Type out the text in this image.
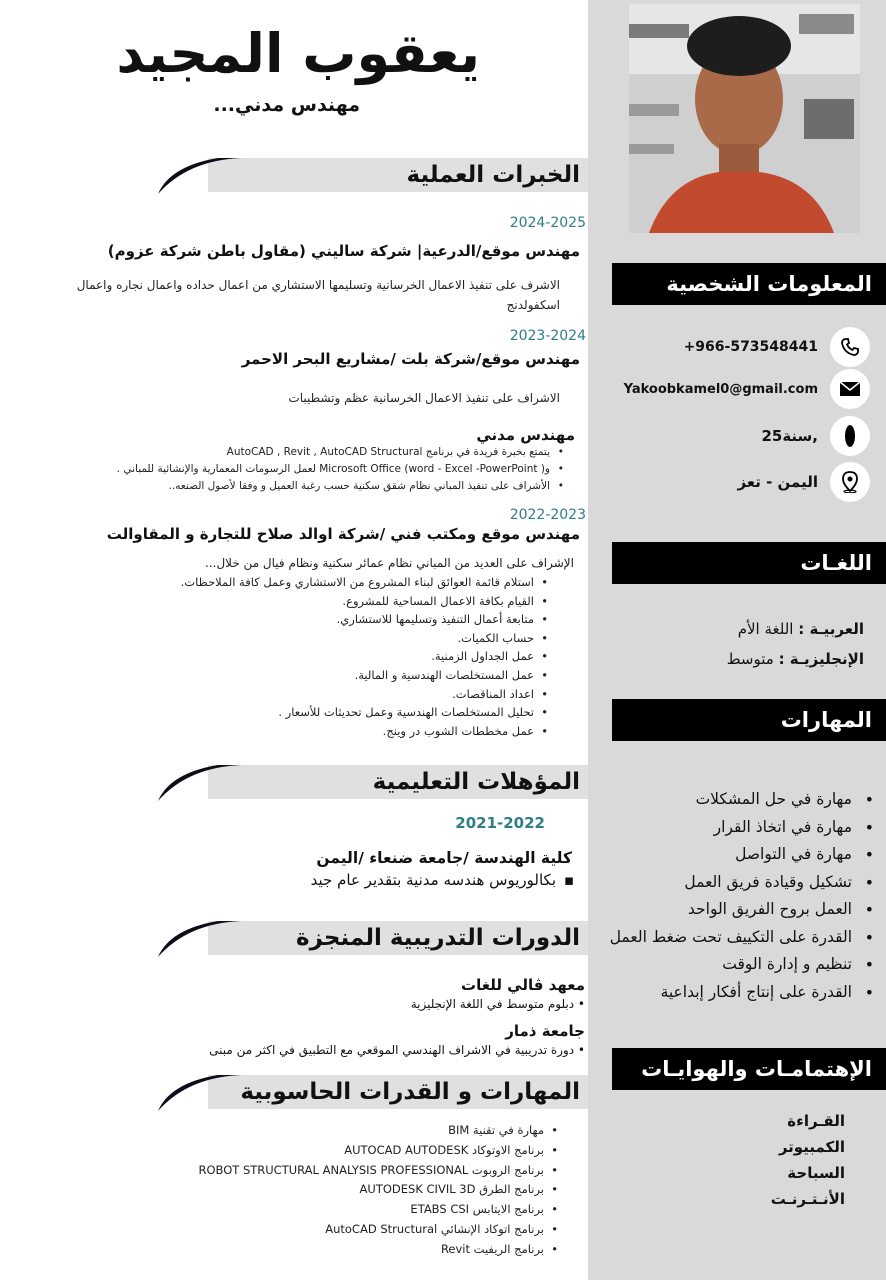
المعلومات الشخصية
+966-573548441
Yakoobkamel0@gmail.com
25سنة,
اليمن - تعز
اللغـات
العربيـة : اللغة الأم
الإنجليزيـة : متوسط
المهارات
• مهارة في حل المشكلات
• مهارة في اتخاذ القرار
• مهارة في التواصل
• تشكيل وقيادة فريق العمل
• العمل بروح الفريق الواحد
• القدرة على التكييف تحت ضغط العمل
• تنظيم و إدارة الوقت
• القدرة على إنتاج أفكار إبداعية
الإهتمامـات والهوايـات
القـراءة
الكمبيوتر
السباحة
الأنـتـرنـت
يعقوب المجيد
مهندس مدني...
الخبرات العملية
2024-2025
مهندس موقع/الدرعية| شركة ساليني (مقاول باطن شركة عزوم)
الاشرف على تنفيذ الاعمال الخرسانية وتسليمها الاستشاري من اعمال حداده واعمال نجاره واعمال اسكفولدنج
2023-2024
مهندس موقع/شركة بلت /مشاريع البحر الاحمر
الاشراف على تنفيذ الاعمال الخرسانية عظم وتشطيبات
مهندس مدني
• يتمتع بخبرة فريدة في برنامج AutoCAD , Revit , AutoCAD Structural
• و( Microsoft Office (word - Excel -PowerPoint لعمل الرسومات المعمارية والإنشائية للمباني .
• الأشراف على تنفيذ المباني نظام شقق سكنية حسب رغبة العميل و وفقا لأصول الصنعه..
2022-2023
مهندس موقع ومكتب فني /شركة اوالد صلاح للتجارة و المقاوالت
الإشراف على العديد من المباني نظام عمائر سكنية ونظام فيال من خلال...
• استلام قائمة العوائق لبناء المشروع من الاستشاري وعمل كافة الملاحظات.
• القيام بكافة الاعمال المساحية للمشروع.
• متابعة أعمال التنفيذ وتسليمها للاستشاري.
• حساب الكميات.
• عمل الجداول الزمنية.
• عمل المستخلصات الهندسية و المالية.
• اعداد المناقصات.
• تحليل المستخلصات الهندسية وعمل تحديثات للأسعار .
• عمل مخططات الشوب در وينج.
المؤهلات التعليمية
2021-2022
كلية الهندسة /جامعة ضنعاء /اليمن
▪
بكالوريوس هندسه مدنية بتقدير عام جيد
الدورات التدريبية المنجزة
معهد ڤالي للغات
• دبلوم متوسط في اللغة الإنجليزية
جامعة ذمار
• دورة تدريبية في الاشراف الهندسي الموقعي مع التطبيق في اكثر من مبنى
المهارات و القدرات الحاسوبية
• مهارة في تقنية BIM
• برنامج الاوتوكاد AUTOCAD AUTODESK
• برنامج الروبوت ROBOT STRUCTURAL ANALYSIS PROFESSIONAL
• برنامج الطرق AUTODESK CIVIL 3D
• برنامج الايتابس ETABS CSI
• برنامج اتوكاد الإنشائي AutoCAD Structural
• برنامج الريفيت Revit
